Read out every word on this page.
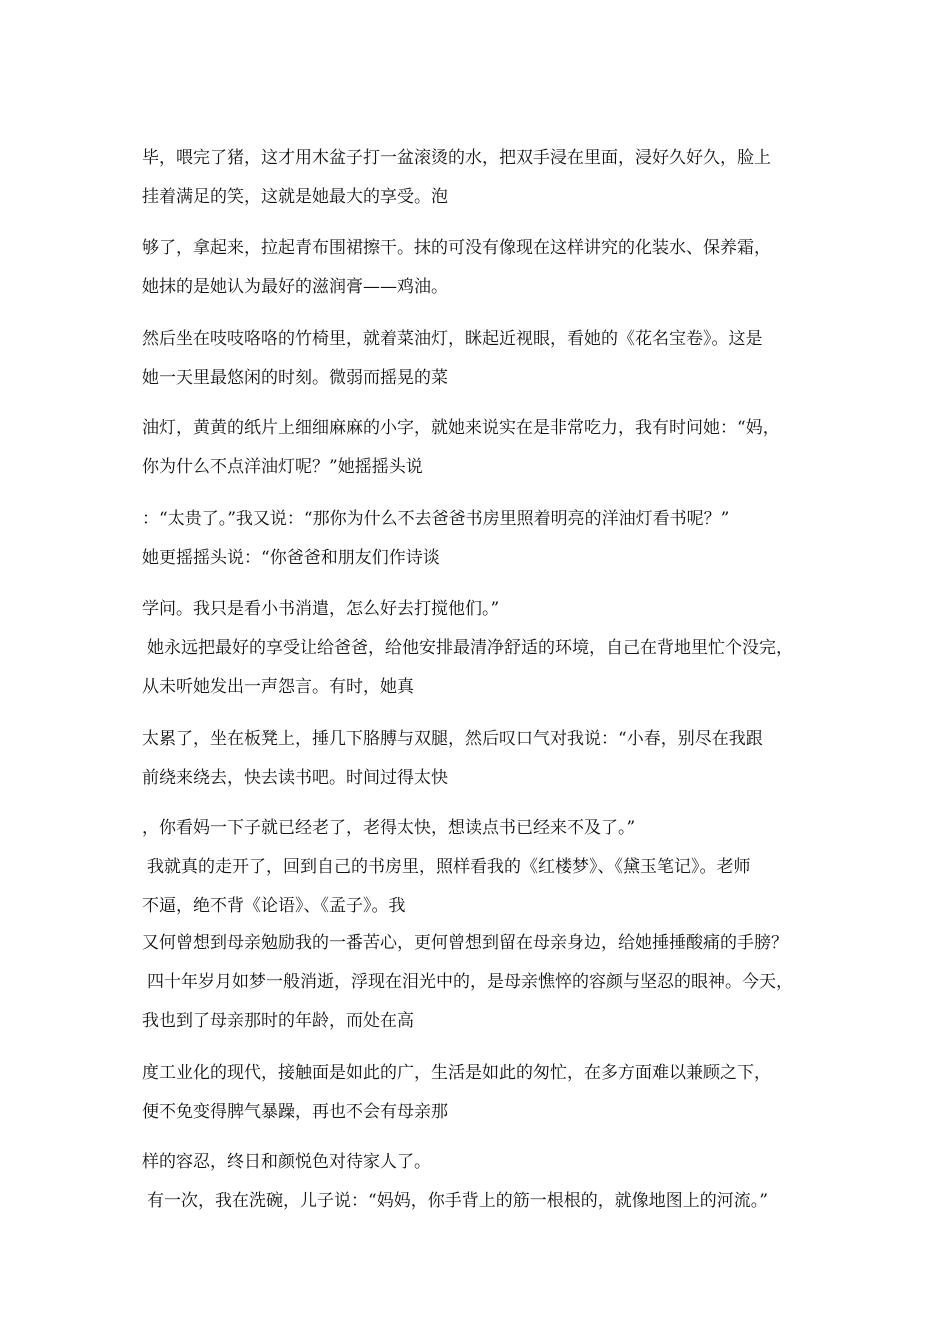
毕，喂完了猪，这才用木盆子打一盆滚烫的水，把双手浸在里面，浸好久好久，脸上
挂着满足的笑，这就是她最大的享受。泡
够了，拿起来，拉起青布围裙擦干。抹的可没有像现在这样讲究的化装水、保养霜，
她抹的是她认为最好的滋润膏——鸡油。
然后坐在吱吱咯咯的竹椅里，就着菜油灯，眯起近视眼，看她的《花名宝卷》。这是
她一天里最悠闲的时刻。微弱而摇晃的菜
油灯，黄黄的纸片上细细麻麻的小字，就她来说实在是非常吃力，我有时问她：“妈，
你为什么不点洋油灯呢？”她摇摇头说
：“太贵了。”我又说：“那你为什么不去爸爸书房里照着明亮的洋油灯看书呢？”
她更摇摇头说：“你爸爸和朋友们作诗谈
学问。我只是看小书消遣，怎么好去打搅他们。”
她永远把最好的享受让给爸爸，给他安排最清净舒适的环境，自己在背地里忙个没完，
从未听她发出一声怨言。有时，她真
太累了，坐在板凳上，捶几下胳膊与双腿，然后叹口气对我说：“小春，别尽在我跟
前绕来绕去，快去读书吧。时间过得太快
，你看妈一下子就已经老了，老得太快，想读点书已经来不及了。”
我就真的走开了，回到自己的书房里，照样看我的《红楼梦》、《黛玉笔记》。老师
不逼，绝不背《论语》、《孟子》。我
又何曾想到母亲勉励我的一番苦心，更何曾想到留在母亲身边，给她捶捶酸痛的手膀？
四十年岁月如梦一般消逝，浮现在泪光中的，是母亲憔悴的容颜与坚忍的眼神。今天，
我也到了母亲那时的年龄，而处在高
度工业化的现代，接触面是如此的广，生活是如此的匆忙，在多方面难以兼顾之下，
便不免变得脾气暴躁，再也不会有母亲那
样的容忍，终日和颜悦色对待家人了。
有一次，我在洗碗，儿子说：“妈妈，你手背上的筋一根根的，就像地图上的河流。”
